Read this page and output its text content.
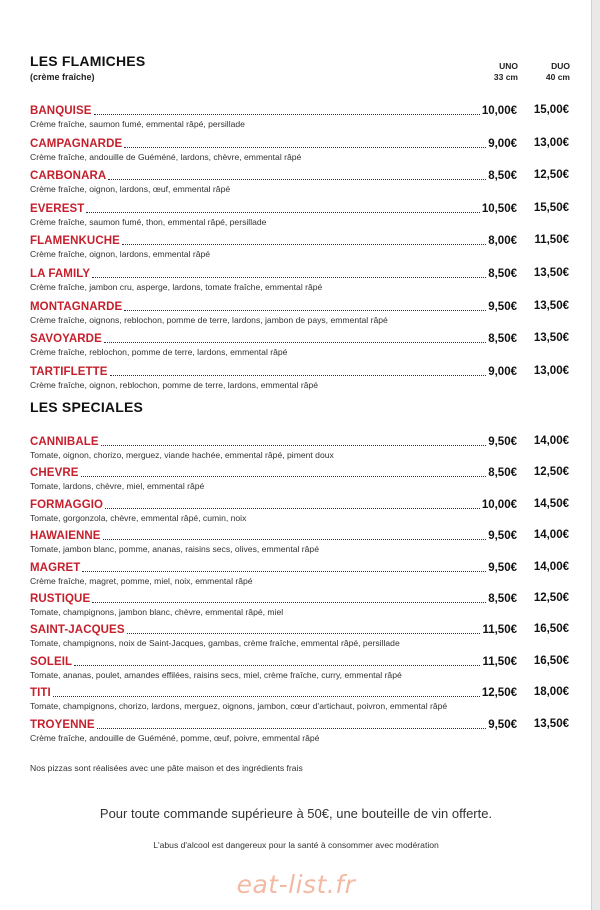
LES FLAMICHES
(crème fraîche)
UNO
33 cm
DUO
40 cm
BANQUISE	10,00€	15,00€
Crème fraîche, saumon fumé, emmental râpé, persillade
CAMPAGNARDE	9,00€	13,00€
Crème fraîche, andouille de Guéméné, lardons, chèvre, emmental râpé
CARBONARA	8,50€	12,50€
Crème fraîche, oignon, lardons, œuf, emmental râpé
EVEREST	10,50€	15,50€
Crème fraîche, saumon fumé, thon, emmental râpé, persillade
FLAMENKUCHE	8,00€	11,50€
Crème fraîche, oignon, lardons, emmental râpé
LA FAMILY	8,50€	13,50€
Crème fraîche, jambon cru, asperge, lardons, tomate fraîche, emmental râpé
MONTAGNARDE	9,50€	13,50€
Crème fraîche, oignons, reblochon, pomme de terre, lardons, jambon de pays, emmental râpé
SAVOYARDE	8,50€	13,50€
Crème fraîche, reblochon, pomme de terre, lardons, emmental râpé
TARTIFLETTE	9,00€	13,00€
Crème fraîche, oignon, reblochon, pomme de terre, lardons, emmental râpé
LES SPECIALES
CANNIBALE	9,50€	14,00€
Tomate, oignon, chorizo, merguez, viande hachée, emmental râpé, piment doux
CHEVRE	8,50€	12,50€
Tomate, lardons, chèvre, miel, emmental râpé
FORMAGGIO	10,00€	14,50€
Tomate, gorgonzola, chèvre, emmental râpé, cumin, noix
HAWAIENNE	9,50€	14,00€
Tomate, jambon blanc, pomme, ananas, raisins secs, olives, emmental râpé
MAGRET	9,50€	14,00€
Crème fraîche, magret, pomme, miel, noix, emmental râpé
RUSTIQUE	8,50€	12,50€
Tomate, champignons, jambon blanc, chèvre, emmental râpé, miel
SAINT-JACQUES	11,50€	16,50€
Tomate, champignons, noix de Saint-Jacques, gambas, crème fraîche, emmental râpé, persillade
SOLEIL	11,50€	16,50€
Tomate, ananas, poulet, amandes effilées, raisins secs, miel, crème fraîche, curry, emmental râpé
TITI	12,50€	18,00€
Tomate, champignons, chorizo, lardons, merguez, oignons, jambon, cœur d'artichaut, poivron, emmental râpé
TROYENNE	9,50€	13,50€
Crème fraîche, andouille de Guéméné, pomme, œuf, poivre, emmental râpé
Nos pizzas sont réalisées avec une pâte maison et des ingrédients frais
Pour toute commande supérieure à 50€, une bouteille de vin offerte.
L'abus d'alcool est dangereux pour la santé à consommer avec modération
eat-list.fr
